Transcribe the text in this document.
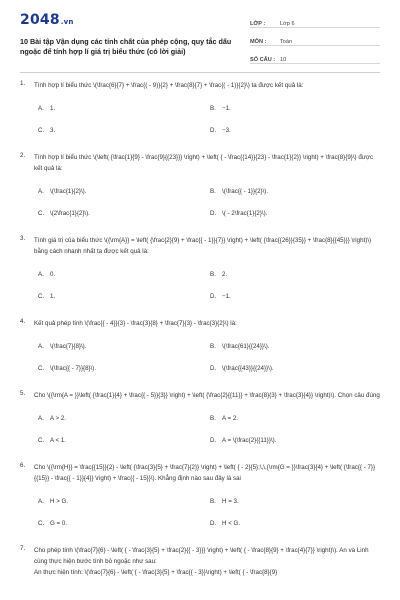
2048.vn
10 Bài tập Vận dụng các tính chất của phép cộng, quy tắc dấu ngoặc để tính hợp lí giá trị biểu thức (có lời giải)
LỚP :	Lớp 6
MÔN :	Toán
SỐ CÂU : 10
1. Tính hợp lí biểu thức \(\frac{6}{7} + \frac{( - 9)}{2} + \frac{8}{7} + \frac{( - 1)}{2}\) ta được kết quả là:
A. 1.	B. −1.
C. 3.	D. −3.
2. Tính hợp lí biểu thức \(\left( {\frac{1}{9} - \frac{9}{{23}}} \right) + \left( { - \frac{{14}}{23} - \frac{1}{2}} \right) + \frac{8}{9}\) được kết quả là:
A. \(\frac{1}{2}\).	B. \(\frac{{ - 1}}{2}\).
C. \(2\frac{1}{2}\).	D. \( - 2\frac{1}{2}\).
3. Tính giá trị của biểu thức \({\rm{A}} = \left( {\frac{2}{9} + \frac{{ - 1}}{7}} \right) + \left( {\frac{{26}}{35}} + \frac{8}{{45}}} \right)\) bằng cách nhanh nhất ta được kết quả là:
A. 0.	B. 2.
C. 1.	D. −1.
4. Kết quả phép tính \(\frac{{ - 4}}{3} - \frac{3}{8} + \frac{7}{3} - \frac{3}{2}\) là:
A. \(\frac{7}{8}\).	B. \(\frac{61}{{24}}\).
C. \(\frac{{ - 7}}{8}\).	D. \(\frac{{43}}{{24}}\).
5. Cho \({\rm{A = }}\left( {\frac{1}{4} + \frac{{ - 5}}{3}} \right) + \left( {\frac{2}{{11}} + \frac{8}{3} + \frac{3}{4}} \right)\). Chọn câu đúng
A. A > 2.	B. A = 2.
C. A < 1.	D. A = \(\frac{2}{{11}}\).
6. Cho \({\rm{H}} = \frac{{15}}{2} - \left( {\frac{3}{5} + \frac{7}{2}} \right) + \left( { - 2}{5};\,\,{\rm{G = }}\frac{3}{4} + \left( {\frac{{ - 7}}{{15}} - \frac{{ - 1}}{4}} \right) + \frac{{ - 15}}\). Khẳng định nào sau đây là sai
A. H > G.	B. H = 3.
C. G = 0.	D. H < G.
7. Cho phép tính \(\frac{7}{6} - \left( { - \frac{3}{5} + \frac{2}{{ - 3}}} \right) + \left( { - \frac{8}{9} + \frac{4}{7}} \right)\). An và Linh cùng thực hiện bước tính bỏ ngoặc như sau:
An thực hiện tính: \(\frac{7}{6} - \left( { - \frac{3}{5} + \frac{{ - 3}}\right) + \left( { - \frac{8}{9}
